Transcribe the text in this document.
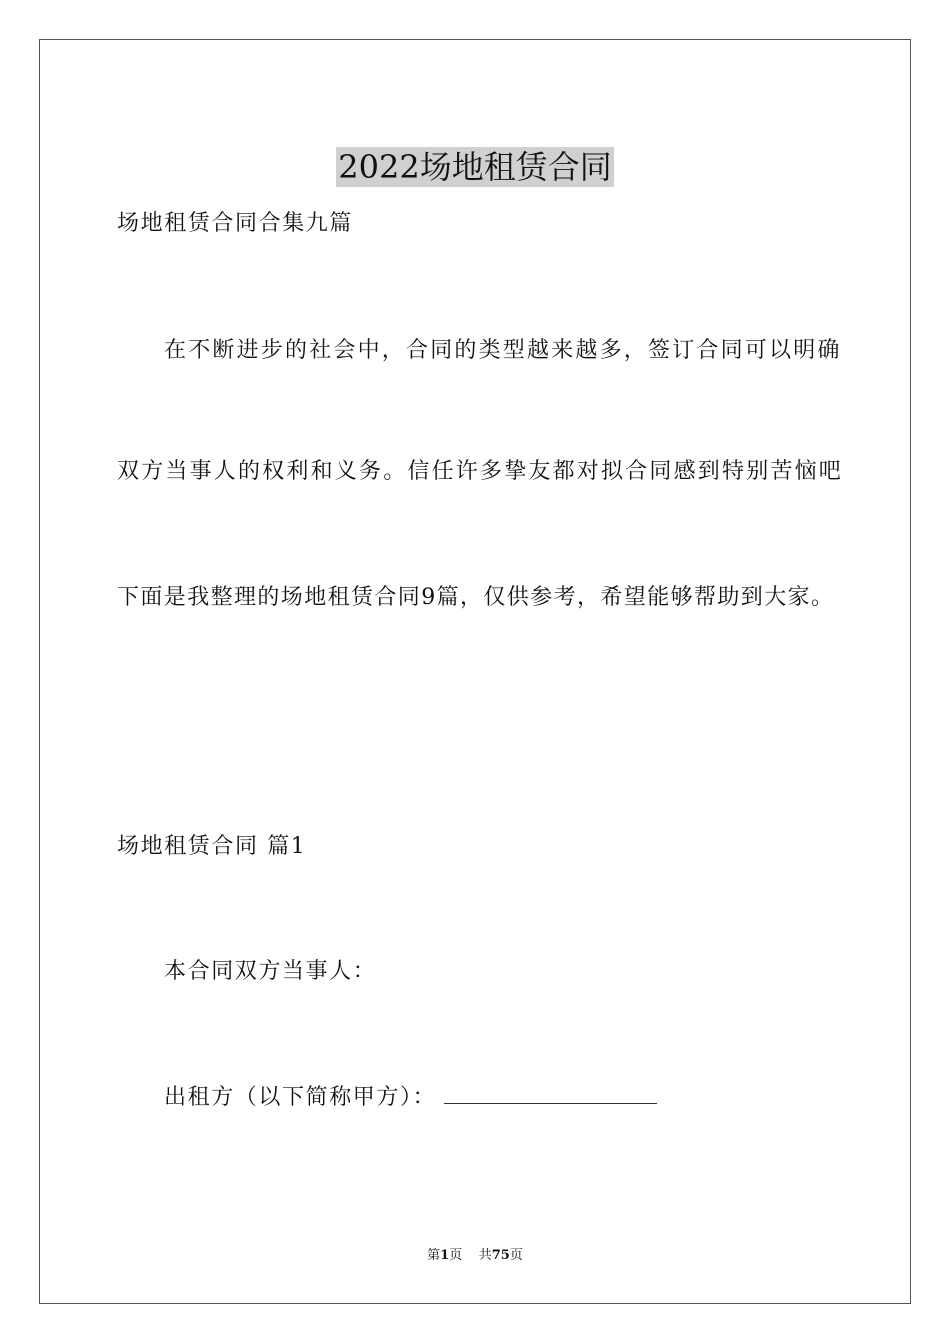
2022场地租赁合同
场地租赁合同合集九篇
在不断进步的社会中，合同的类型越来越多，签订合同可以明确
双方当事人的权利和义务。信任许多挚友都对拟合同感到特别苦恼吧
下面是我整理的场地租赁合同9篇，仅供参考，希望能够帮助到大家。
场地租赁合同 篇1
本合同双方当事人：
出租方（以下简称甲方）：
第1页 共75页
